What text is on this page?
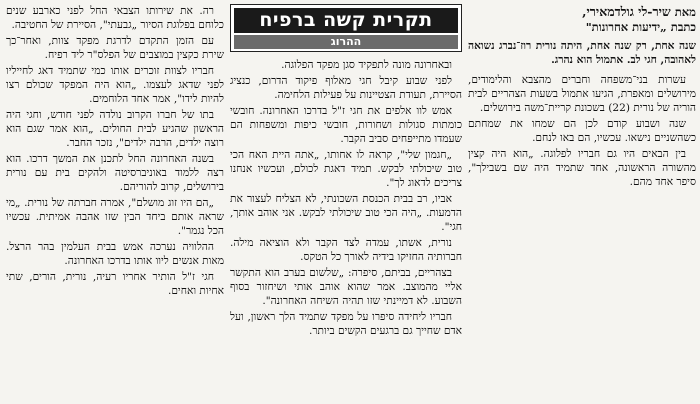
מאת שיר-לי גולדמאירי,
כתבת „ידיעות אחרונות"
שנה אחת, רק שנה אחת, היתה נורית רוז־נברג נשואה לאהובה, חגי לב. אתמול הוא נהרג.

עשרות בני־משפחה וחברים מהצבא והלימודים, מירושלים ומאפרת, הגיעו אתמול בשעות הצהריים לבית הוריה של נורית (22) בשכונת קריית־משה בירושלים.

שנה ושבוע קודם לכן הם שמחו את שמחתם כשהשניים נישאו. עכשיו, הם באו לנחם.

בין הבאים היו גם חבריו לפלוגה. „הוא היה קצין מהשורה הראשונה, אחד שתמיד היה שם בשבילך", סיפר אחד מהם.

תקרית קשה ברפיח
ההרוג

ובאחרונה מונה לתפקיד סגן מפקד הפלוגה.

לפני שבוע קיבל חגי מאלוף פיקוד הדרום, כנציג הסיירת, תעודת הצטיינות על פעילות הלחימה.

אמש לוו אלפים את חגי ז"ל בדרכו האחרונה. חובשי כומתות סגולות ושחורות, חובשי כיפות ומשפחות הם שעמדו מתייפחים סביב הקבר.

„חגמון שלי", קראה לו אחותו, „אתה היית האח הכי טוב שיכולתי לבקש. תמיד דאגת לכולם, ועכשיו אנחנו צריכים לדאוג לך".

אביו, רב בבית הכנסת השכונתי, לא הצליח לעצור את הדמעות. „היה הכי טוב שיכולתי לבקש. אני אוהב אותך, חגי".

נורית, אשתו, עמדה לצד הקבר ולא הוציאה מילה. חברותיה החזיקו בידיה לאורך כל הטקס.

בצהריים, בביתם, סיפרה: „שלשום בערב הוא התקשר אליי מהמוצב. אמר שהוא אוהב אותי ושיחזור בסוף השבוע. לא דמיינתי שזו תהיה השיחה האחרונה".

חבריו ליחידה סיפרו על מפקד שתמיד הלך ראשון, ועל אדם שחייך גם ברגעים הקשים ביותר.

רה. את שירותו הצבאי החל לפני כארבע שנים כלוחם בפלוגת הסיור „גבעתי", הסיירת של החטיבה.

עם הזמן התקדם לדרגת מפקד צוות, ואחר־כך שירת כקצין במוצבים של הפלס"ר ליד רפיח.

חבריו לצוות זוכרים אותו כמי שתמיד דאג לחייליו לפני שדאג לעצמו. „הוא היה המפקד שכולם רצו להיות לידו", אמר אחד הלוחמים.

בתו של חברו הקרוב נולדה לפני חודש, וחגי היה הראשון שהגיע לבית החולים. „הוא אמר שגם הוא רוצה ילדים, הרבה ילדים", נזכר החבר.

בשנה האחרונה החל לתכנן את המשך דרכו. הוא רצה ללמוד באוניברסיטה ולהקים בית עם נורית בירושלים, קרוב להוריהם.

„הם היו זוג מושלם", אמרה חברתה של נורית. „מי שראה אותם ביחד הבין שזו אהבה אמיתית. עכשיו הכל נגמר".

ההלוויה נערכה אמש בבית העלמין בהר הרצל. מאות אנשים ליוו אותו בדרכו האחרונה.

חגי ז"ל הותיר אחריו רעיה, נורית, הורים, שתי אחיות ואחים.
